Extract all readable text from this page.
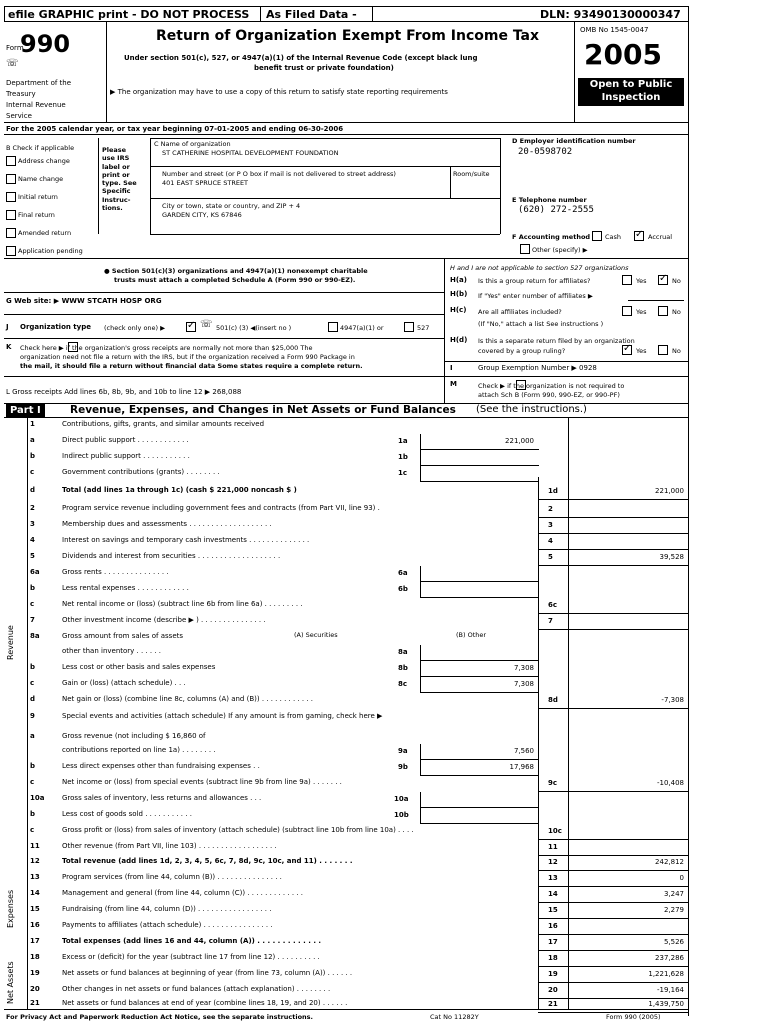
efile GRAPHIC print - DO NOT PROCESS As Filed Data -	DLN: 93490130000347
Form
990
☏
Department of the
Treasury
Internal Revenue
Service
Return of Organization Exempt From Income Tax
Under section 501(c), 527, or 4947(a)(1) of the Internal Revenue Code (except black lung
benefit trust or private foundation)
▶ The organization may have to use a copy of this return to satisfy state reporting requirements
OMB No 1545-0047
2005
Open to Public
Inspection
For the 2005 calendar year, or tax year beginning 07-01-2005 and ending 06-30-2006
B Check if applicable
Address change
Name change
Initial return
Final return
Amended return
Application pending
Please
use IRS
label or
print or
type. See
Specific
Instruc-
tions.
C Name of organization
ST CATHERINE HOSPITAL DEVELOPMENT FOUNDATION
Number and street (or P O box if mail is not delivered to street address)	Room/suite
401 EAST SPRUCE STREET
City or town, state or country, and ZIP + 4
GARDEN CITY, KS 67846
D Employer identification number
20-0598702
E Telephone number
(620) 272-2555
F Accounting method Cash ✓	Accrual
Other (specify) ▶
● Section 501(c)(3) organizations and 4947(a)(1) nonexempt charitable
trusts must attach a completed Schedule A (Form 990 or 990-EZ).
H and I are not applicable to section 527 organizations
H(a) Is this a group return for affiliates?	Yes ✓	No
H(b) If "Yes" enter number of affiliates ▶
H(c) Are all affiliates included?	Yes	No
(If "No," attach a list See instructions )
H(d) Is this a separate return filed by an organization
covered by a group ruling? ✓	Yes	No
G Web site: ▶ WWW STCATH HOSP ORG
J Organization type (check only one) ▶ ✓	☏ 501(c) (3) ◀(insert no )	4947(a)(1) or	527
K Check here ▶ if the organization's gross receipts are normally not more than $25,000 The
organization need not file a return with the IRS, but if the organization received a Form 990 Package in
the mail, it should file a return without financial data Some states require a complete return.	I	Group Exemption Number ▶ 0928
M	Check ▶ if the organization is not required to
attach Sch B (Form 990, 990-EZ, or 990-PF)
L Gross receipts Add lines 6b, 8b, 9b, and 10b to line 12 ▶ 268,088
Part I	Revenue, Expenses, and Changes in Net Assets or Fund Balances (See the instructions.)
Revenue
Expenses
Net Assets
1	Contributions, gifts, grants, and similar amounts received
a	Direct public support . . . . . . . . . . . .	1a	221,000
b	Indirect public support . . . . . . . . . . .	1b
c	Government contributions (grants) . . . . . . . .	1c
d	Total (add lines 1a through 1c) (cash $ 221,000 noncash $ )	1d	221,000
2	Program service revenue including government fees and contracts (from Part VII, line 93) .	2
3	Membership dues and assessments . . . . . . . . . . . . . . . . . . .	3
4	Interest on savings and temporary cash investments . . . . . . . . . . . . . .	4
5	Dividends and interest from securities . . . . . . . . . . . . . . . . . . .	5	39,528
6a	Gross rents . . . . . . . . . . . . . . .	6a
b	Less rental expenses . . . . . . . . . . . .	6b
c	Net rental income or (loss) (subtract line 6b from line 6a) . . . . . . . . .	6c
7	Other investment income (describe ▶ ) . . . . . . . . . . . . . . .	7
8a	Gross amount from sales of assets
other than inventory . . . . . .	8a
b	Less cost or other basis and sales expenses	8b	7,308
c	Gain or (loss) (attach schedule) . . .	8c	7,308
d	Net gain or (loss) (combine line 8c, columns (A) and (B)) . . . . . . . . . . . .	8d	-7,308
9	Special events and activities (attach schedule) If any amount is from gaming, check here ▶
a	Gross revenue (not including $ 16,860 of
contributions reported on line 1a) . . . . . . . .	9a	7,560
b	Less direct expenses other than fundraising expenses . .	9b	17,968
c	Net income or (loss) from special events (subtract line 9b from line 9a) . . . . . . .	9c	-10,408
10a	Gross sales of inventory, less returns and allowances . . .	10a
b	Less cost of goods sold . . . . . . . . . . .	10b
c	Gross profit or (loss) from sales of inventory (attach schedule) (subtract line 10b from line 10a) . . . .	10c
11	Other revenue (from Part VII, line 103) . . . . . . . . . . . . . . . . . .	11
12	Total revenue (add lines 1d, 2, 3, 4, 5, 6c, 7, 8d, 9c, 10c, and 11) . . . . . . .	12	242,812
13	Program services (from line 44, column (B)) . . . . . . . . . . . . . . .	13	0
14	Management and general (from line 44, column (C)) . . . . . . . . . . . . .	14	3,247
15	Fundraising (from line 44, column (D)) . . . . . . . . . . . . . . . . .	15	2,279
16	Payments to affiliates (attach schedule) . . . . . . . . . . . . . . . .	16
17	Total expenses (add lines 16 and 44, column (A)) . . . . . . . . . . . . .	17	5,526
18	Excess or (deficit) for the year (subtract line 17 from line 12) . . . . . . . . . .	18	237,286
19	Net assets or fund balances at beginning of year (from line 73, column (A)) . . . . . .	19	1,221,628
20	Other changes in net assets or fund balances (attach explanation) . . . . . . . .	20	-19,164
21	Net assets or fund balances at end of year (combine lines 18, 19, and 20) . . . . . .	21	1,439,750
(A) Securities	(B) Other
For Privacy Act and Paperwork Reduction Act Notice, see the separate instructions.	Cat No 11282Y	Form 990 (2005)
